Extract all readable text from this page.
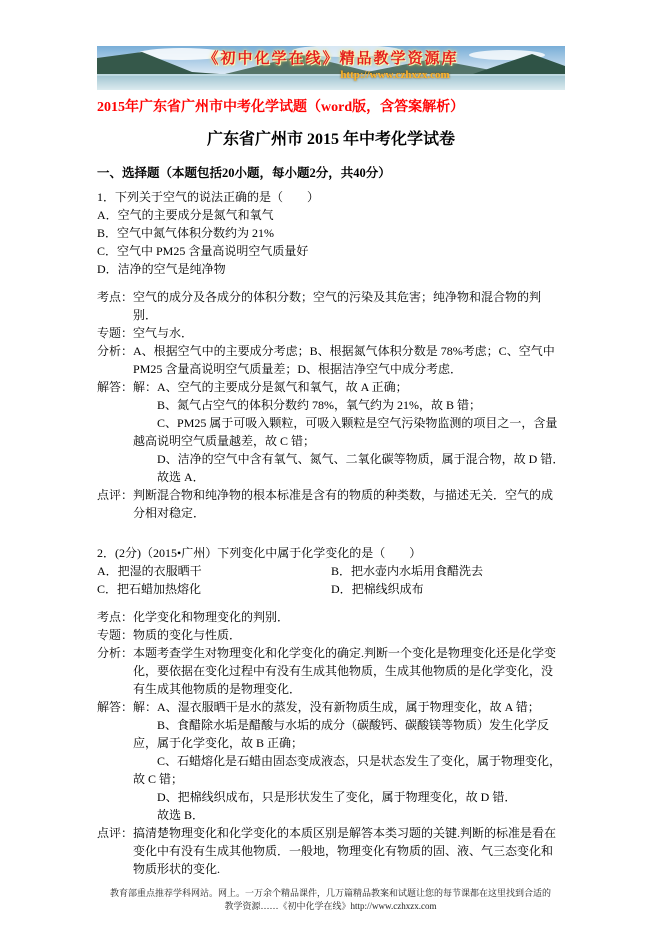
《初中化学在线》精品教学资源库
http://www.czhxzx.com
2015年广东省广州市中考化学试题（word版，含答案解析）
广东省广州市 2015 年中考化学试卷
一、选择题（本题包括20小题，每小题2分，共40分）
1．下列关于空气的说法正确的是（　　）
A．空气的主要成分是氮气和氧气
B．空气中氮气体积分数约为 21%
C．空气中 PM25 含量高说明空气质量好
D．洁净的空气是纯净物
考点： 空气的成分及各成分的体积分数；空气的污染及其危害；纯净物和混合物的判别．
专题： 空气与水．
分析： A、根据空气中的主要成分考虑；B、根据氮气体积分数是 78%考虑；C、空气中 PM25 含量高说明空气质量差；D、根据洁净空气中成分考虑．
解答： 解：A、空气的主要成分是氮气和氧气，故 A 正确；
B、氮气占空气的体积分数约 78%，氧气约为 21%，故 B 错；
C、PM25 属于可吸入颗粒，可吸入颗粒是空气污染物监测的项目之一，含量越高说明空气质量越差，故 C 错；
D、洁净的空气中含有氧气、氮气、二氧化碳等物质，属于混合物，故 D 错．
故选 A．
点评： 判断混合物和纯净物的根本标准是含有的物质的种类数，与描述无关．空气的成分相对稳定．
2．(2分)（2015•广州）下列变化中属于化学变化的是（　　）
A．把湿的衣服晒干	B．把水壶内水垢用食醋洗去
C．把石蜡加热熔化	D．把棉线织成布
考点： 化学变化和物理变化的判别．
专题： 物质的变化与性质．
分析： 本题考查学生对物理变化和化学变化的确定.判断一个变化是物理变化还是化学变化，要依据在变化过程中有没有生成其他物质，生成其他物质的是化学变化，没有生成其他物质的是物理变化．
解答： 解：A、湿衣服晒干是水的蒸发，没有新物质生成，属于物理变化，故 A 错；
B、食醋除水垢是醋酸与水垢的成分（碳酸钙、碳酸镁等物质）发生化学反应，属于化学变化，故 B 正确；
C、石蜡熔化是石蜡由固态变成液态，只是状态发生了变化，属于物理变化，故 C 错；
D、把棉线织成布，只是形状发生了变化，属于物理变化，故 D 错．
故选 B．
点评： 搞清楚物理变化和化学变化的本质区别是解答本类习题的关键.判断的标准是看在变化中有没有生成其他物质．一般地，物理变化有物质的固、液、气三态变化和物质形状的变化.
教育部重点推荐学科网站。网上。一万余个精品课件，几万篇精品教案和试题让您的每节课都在这里找到合适的
教学资源……《初中化学在线》http://www.czhxzx.com
